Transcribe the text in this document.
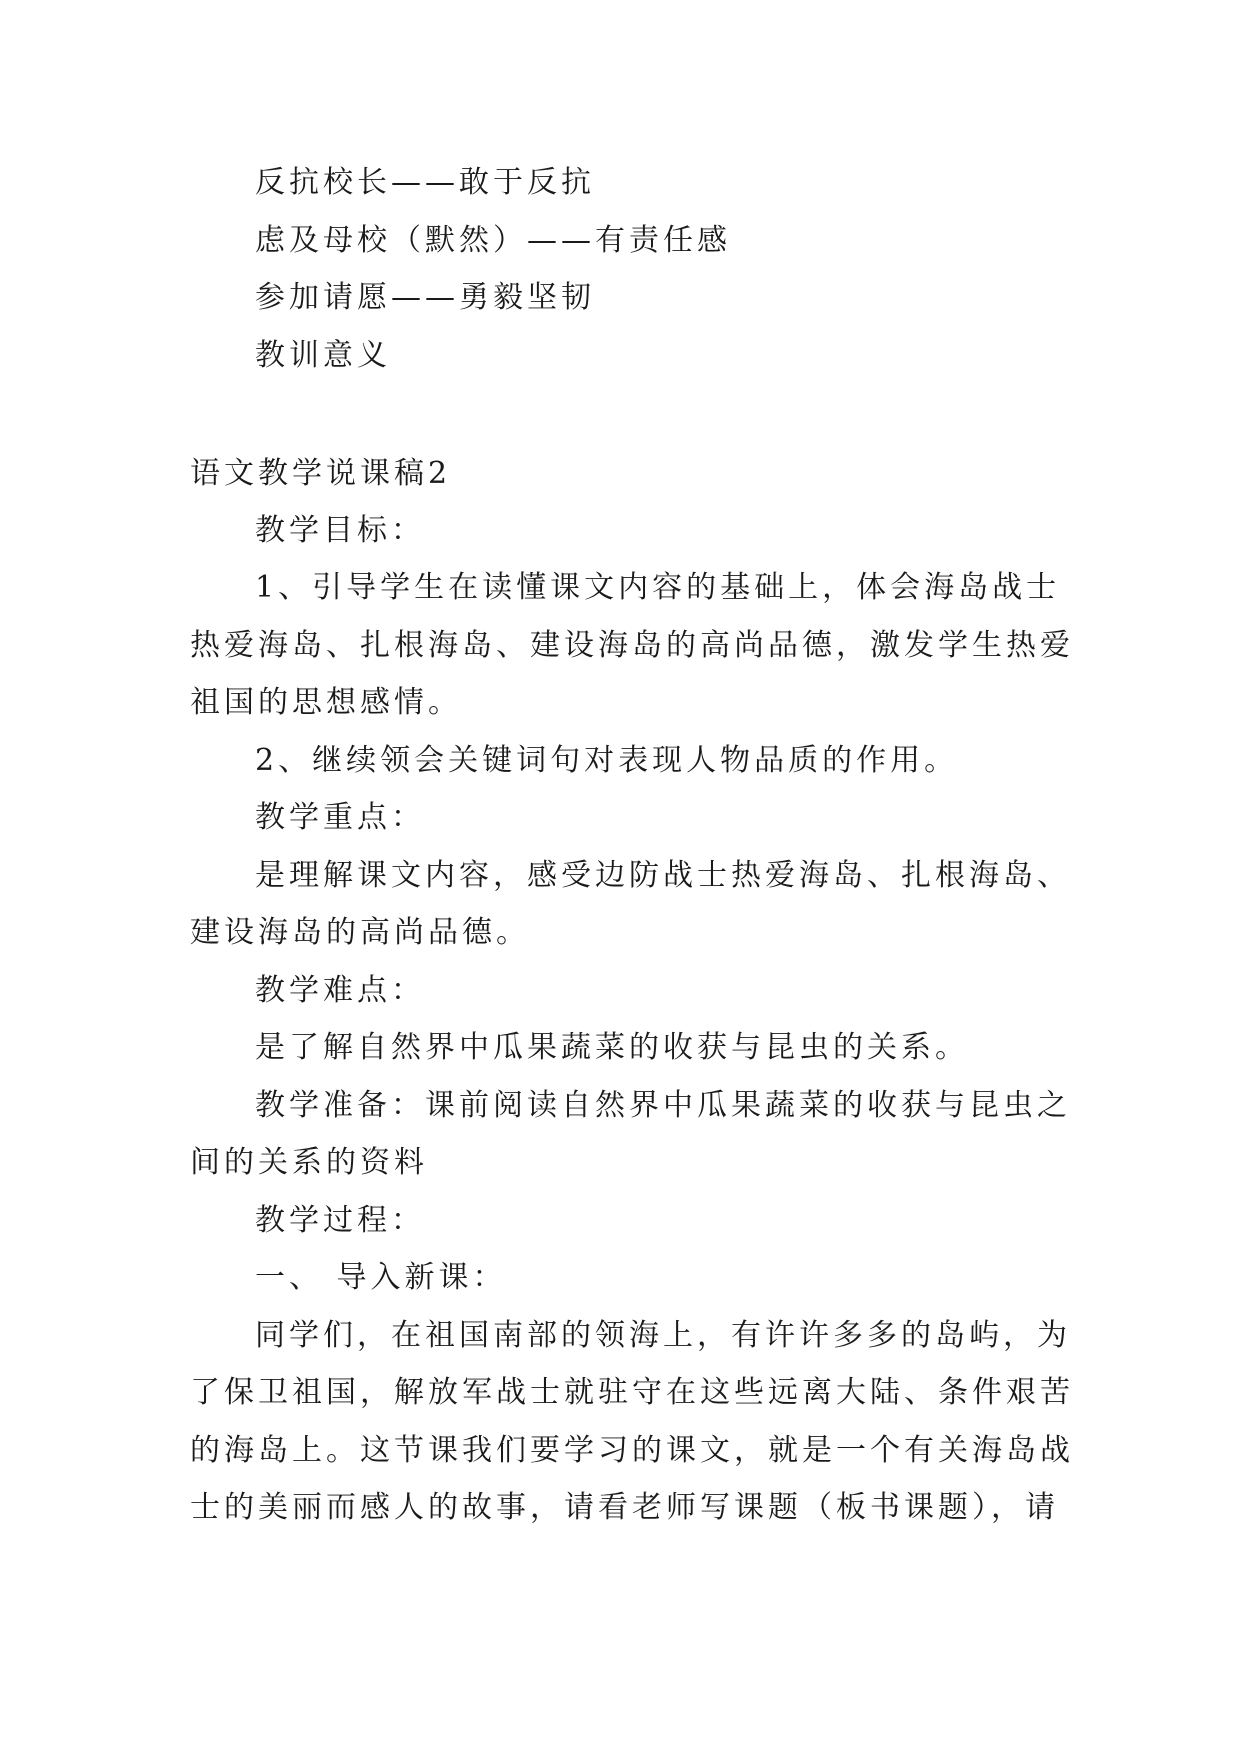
反抗校长——敢于反抗
虑及母校（默然）——有责任感
参加请愿——勇毅坚韧
教训意义
语文教学说课稿2
教学目标：
1、引导学生在读懂课文内容的基础上，体会海岛战士
热爱海岛、扎根海岛、建设海岛的高尚品德，激发学生热爱
祖国的思想感情。
2、继续领会关键词句对表现人物品质的作用。
教学重点：
是理解课文内容，感受边防战士热爱海岛、扎根海岛、
建设海岛的高尚品德。
教学难点：
是了解自然界中瓜果蔬菜的收获与昆虫的关系。
教学准备：课前阅读自然界中瓜果蔬菜的收获与昆虫之
间的关系的资料
教学过程：
一、 导入新课：
同学们，在祖国南部的领海上，有许许多多的岛屿，为
了保卫祖国，解放军战士就驻守在这些远离大陆、条件艰苦
的海岛上。这节课我们要学习的课文，就是一个有关海岛战
士的美丽而感人的故事，请看老师写课题（板书课题），请
